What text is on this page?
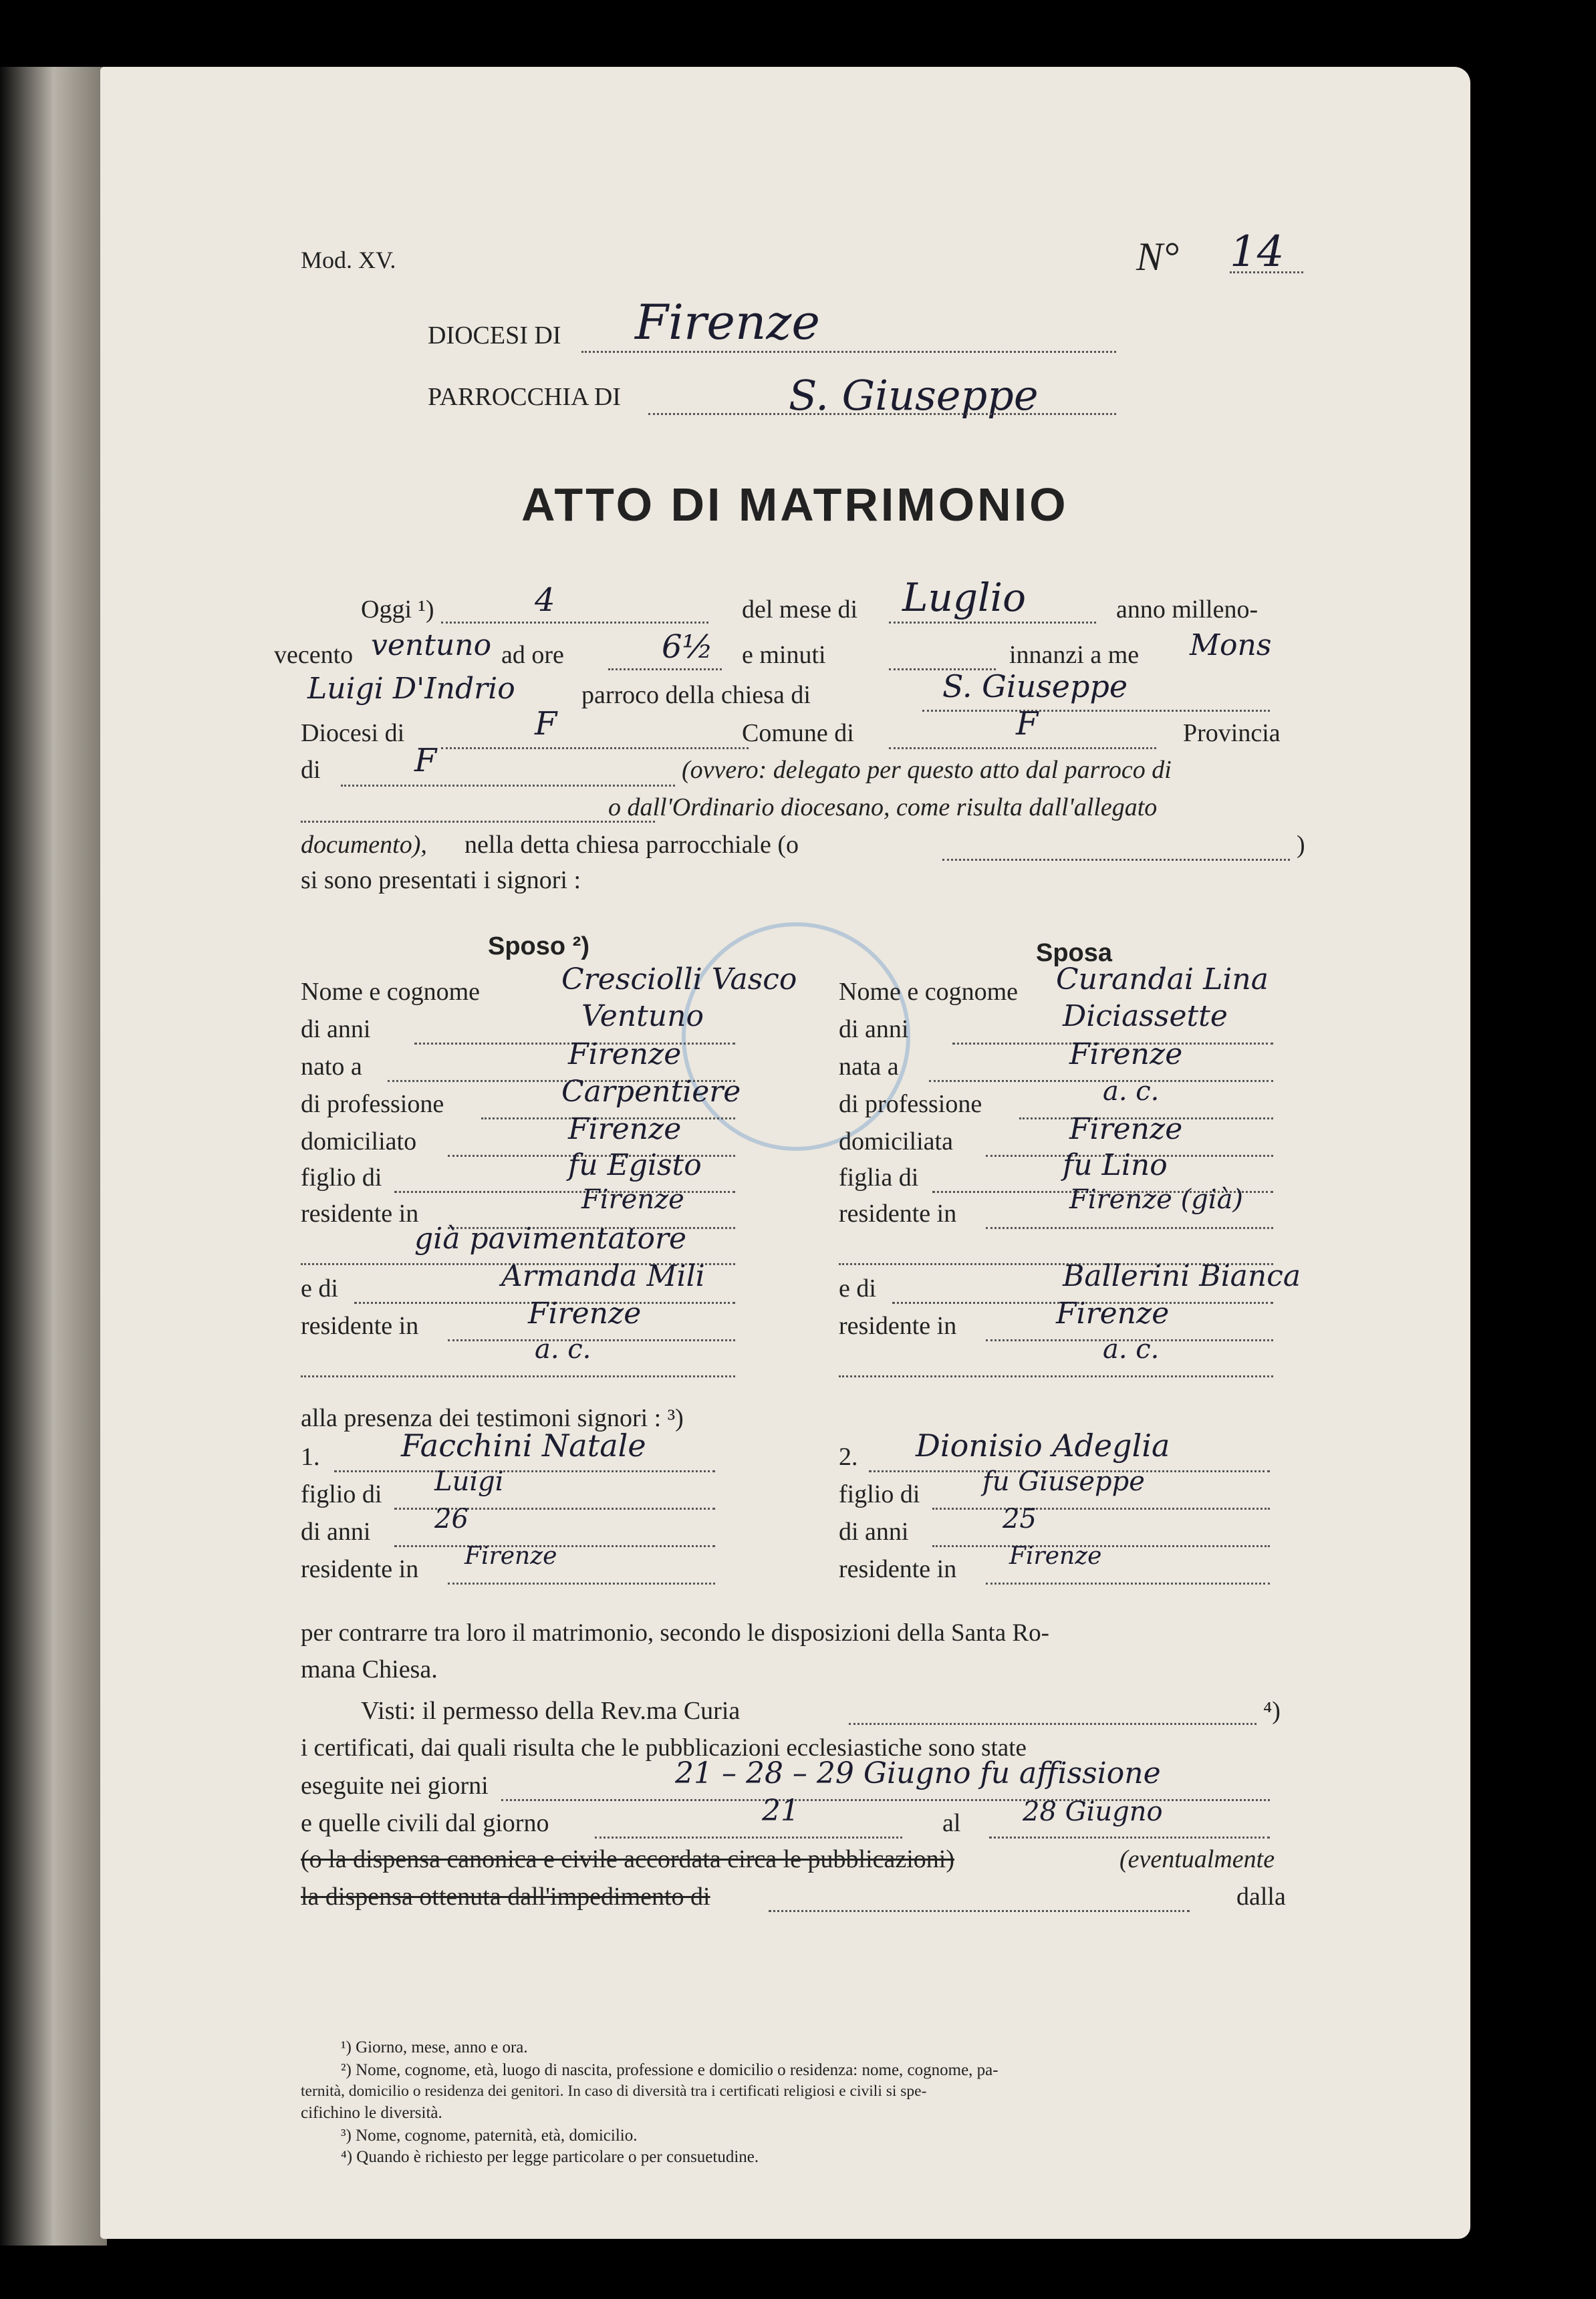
Mod. XV.	N° 14
DIOCESI DI Firenze
PARROCCHIA DI	S. Giuseppe
ATTO DI MATRIMONIO
Oggi ¹)	4	del mese di Luglio	anno milleno-
vecento ventuno ad ore	6½ e minuti	innanzi a me Mons
Luigi D'Indrio	parroco della chiesa di	S. Giuseppe
Diocesi di	F	Comune di	F	Provincia
di	F	(ovvero: delegato per questo atto dal parroco di
o dall'Ordinario diocesano, come risulta dall'allegato
documento), nella detta chiesa parrocchiale (o	)
si sono presentati i signori :
Sposo ²)	Sposa
Nome e cognome	Cresciolli Vasco
di anni	Ventuno
nato a	Firenze
di professione	Carpentiere
domiciliato	Firenze
figlio di	fu Egisto
residente in	Firenze
già pavimentatore
e di	Armanda Mili
residente in	Firenze
a. c.
Nome e cognome Curandai Lina
di anni	Diciassette
nata a	Firenze
di professione	a. c.
domiciliata	Firenze
figlia di	fu Lino
residente in	Firenze (già)
e di	Ballerini Bianca
residente in	Firenze
a. c.
alla presenza dei testimoni signori : ³)
1.	Facchini Natale
figlio di Luigi
di anni 26
residente in Firenze
2. Dionisio Adeglia
figlio di fu Giuseppe
di anni	25
residente in Firenze
per contrarre tra loro il matrimonio, secondo le disposizioni della Santa Ro-
mana Chiesa.
Visti: il permesso della Rev.ma Curia	⁴)
i certificati, dai quali risulta che le pubblicazioni ecclesiastiche sono state
eseguite nei giorni	21 – 28 – 29 Giugno fu affissione
e quelle civili dal giorno	21	al 28 Giugno
(o la dispensa canonica e civile accordata circa le pubblicazioni)	(eventualmente
la dispensa ottenuta dall'impedimento di	dalla
¹) Giorno, mese, anno e ora.
²) Nome, cognome, età, luogo di nascita, professione e domicilio o residenza: nome, cognome, pa-
ternità, domicilio o residenza dei genitori. In caso di diversità tra i certificati religiosi e civili si spe-
cifichino le diversità.
³) Nome, cognome, paternità, età, domicilio.
⁴) Quando è richiesto per legge particolare o per consuetudine.
